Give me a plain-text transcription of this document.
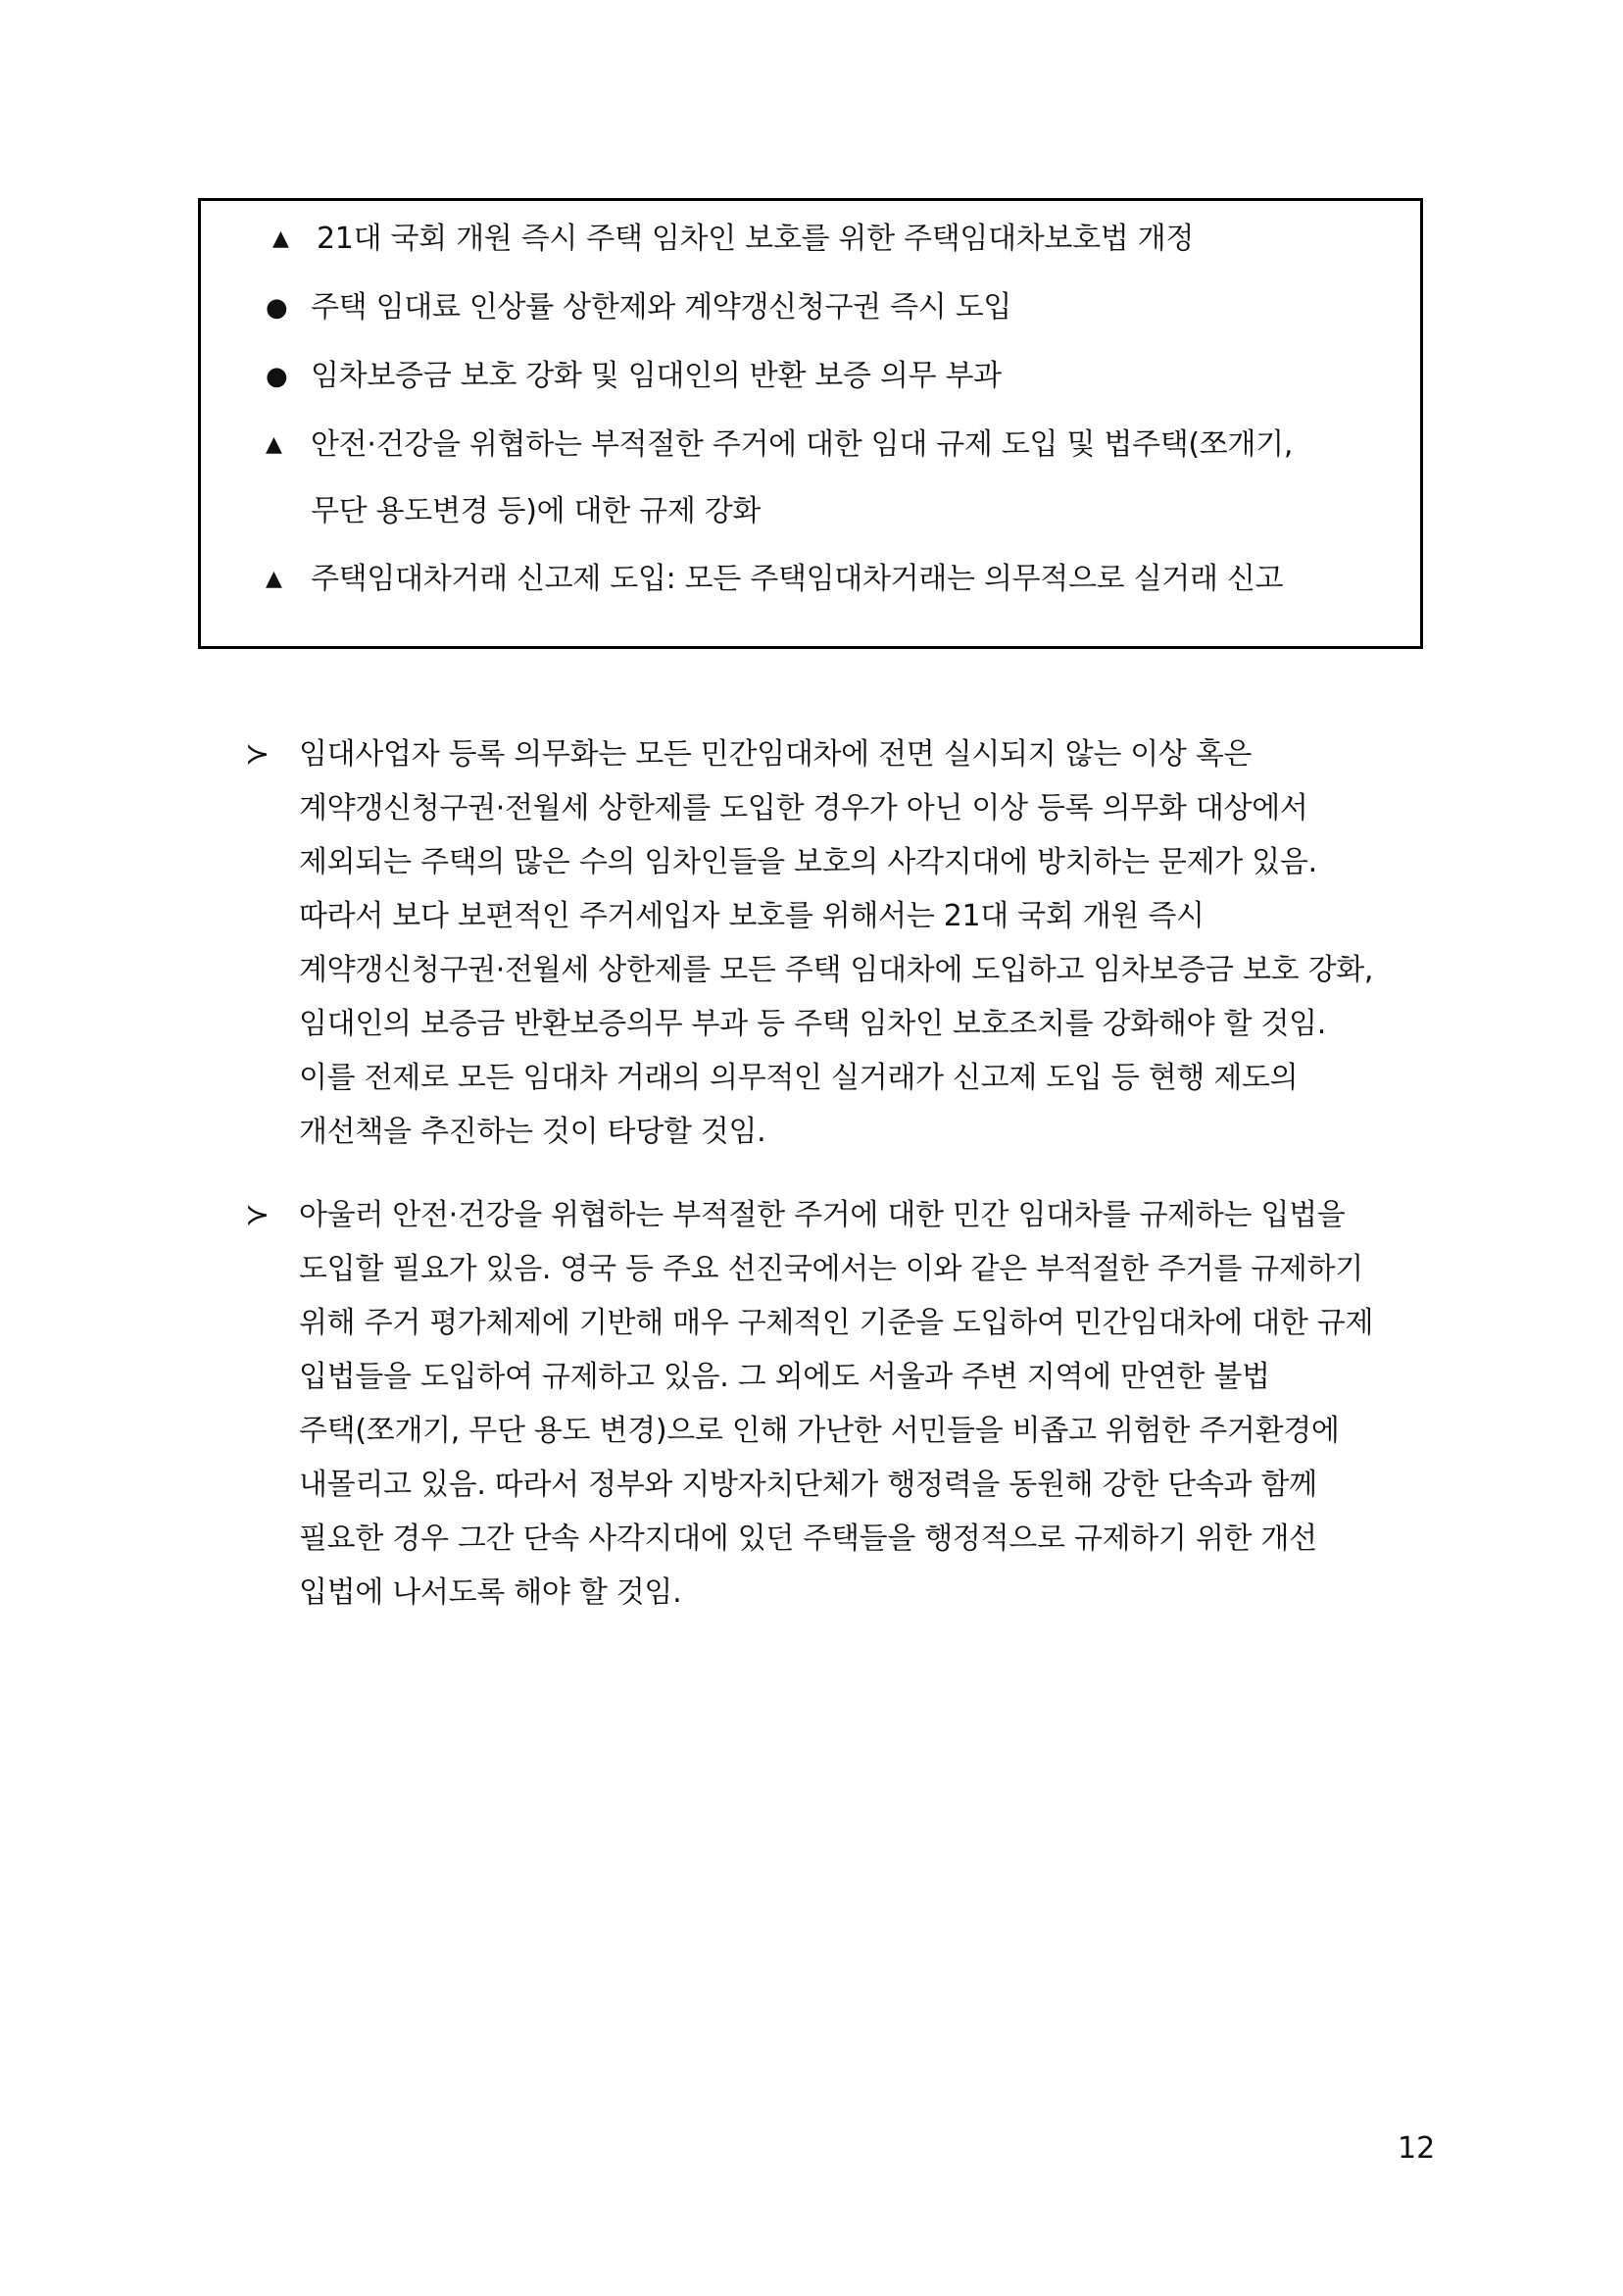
▲ 21대 국회 개원 즉시 주택 임차인 보호를 위한 주택임대차보호법 개정
● 주택 임대료 인상률 상한제와 계약갱신청구권 즉시 도입
● 임차보증금 보호 강화 및 임대인의 반환 보증 의무 부과
▲ 안전·건강을 위협하는 부적절한 주거에 대한 임대 규제 도입 및 법주택(쪼개기,
무단 용도변경 등)에 대한 규제 강화
▲ 주택임대차거래 신고제 도입: 모든 주택임대차거래는 의무적으로 실거래 신고
≻ 임대사업자 등록 의무화는 모든 민간임대차에 전면 실시되지 않는 이상 혹은
계약갱신청구권·전월세 상한제를 도입한 경우가 아닌 이상 등록 의무화 대상에서
제외되는 주택의 많은 수의 임차인들을 보호의 사각지대에 방치하는 문제가 있음.
따라서 보다 보편적인 주거세입자 보호를 위해서는 21대 국회 개원 즉시
계약갱신청구권·전월세 상한제를 모든 주택 임대차에 도입하고 임차보증금 보호 강화,
임대인의 보증금 반환보증의무 부과 등 주택 임차인 보호조치를 강화해야 할 것임.
이를 전제로 모든 임대차 거래의 의무적인 실거래가 신고제 도입 등 현행 제도의
개선책을 추진하는 것이 타당할 것임.
≻ 아울러 안전·건강을 위협하는 부적절한 주거에 대한 민간 임대차를 규제하는 입법을
도입할 필요가 있음. 영국 등 주요 선진국에서는 이와 같은 부적절한 주거를 규제하기
위해 주거 평가체제에 기반해 매우 구체적인 기준을 도입하여 민간임대차에 대한 규제
입법들을 도입하여 규제하고 있음. 그 외에도 서울과 주변 지역에 만연한 불법
주택(쪼개기, 무단 용도 변경)으로 인해 가난한 서민들을 비좁고 위험한 주거환경에
내몰리고 있음. 따라서 정부와 지방자치단체가 행정력을 동원해 강한 단속과 함께
필요한 경우 그간 단속 사각지대에 있던 주택들을 행정적으로 규제하기 위한 개선
입법에 나서도록 해야 할 것임.
12
